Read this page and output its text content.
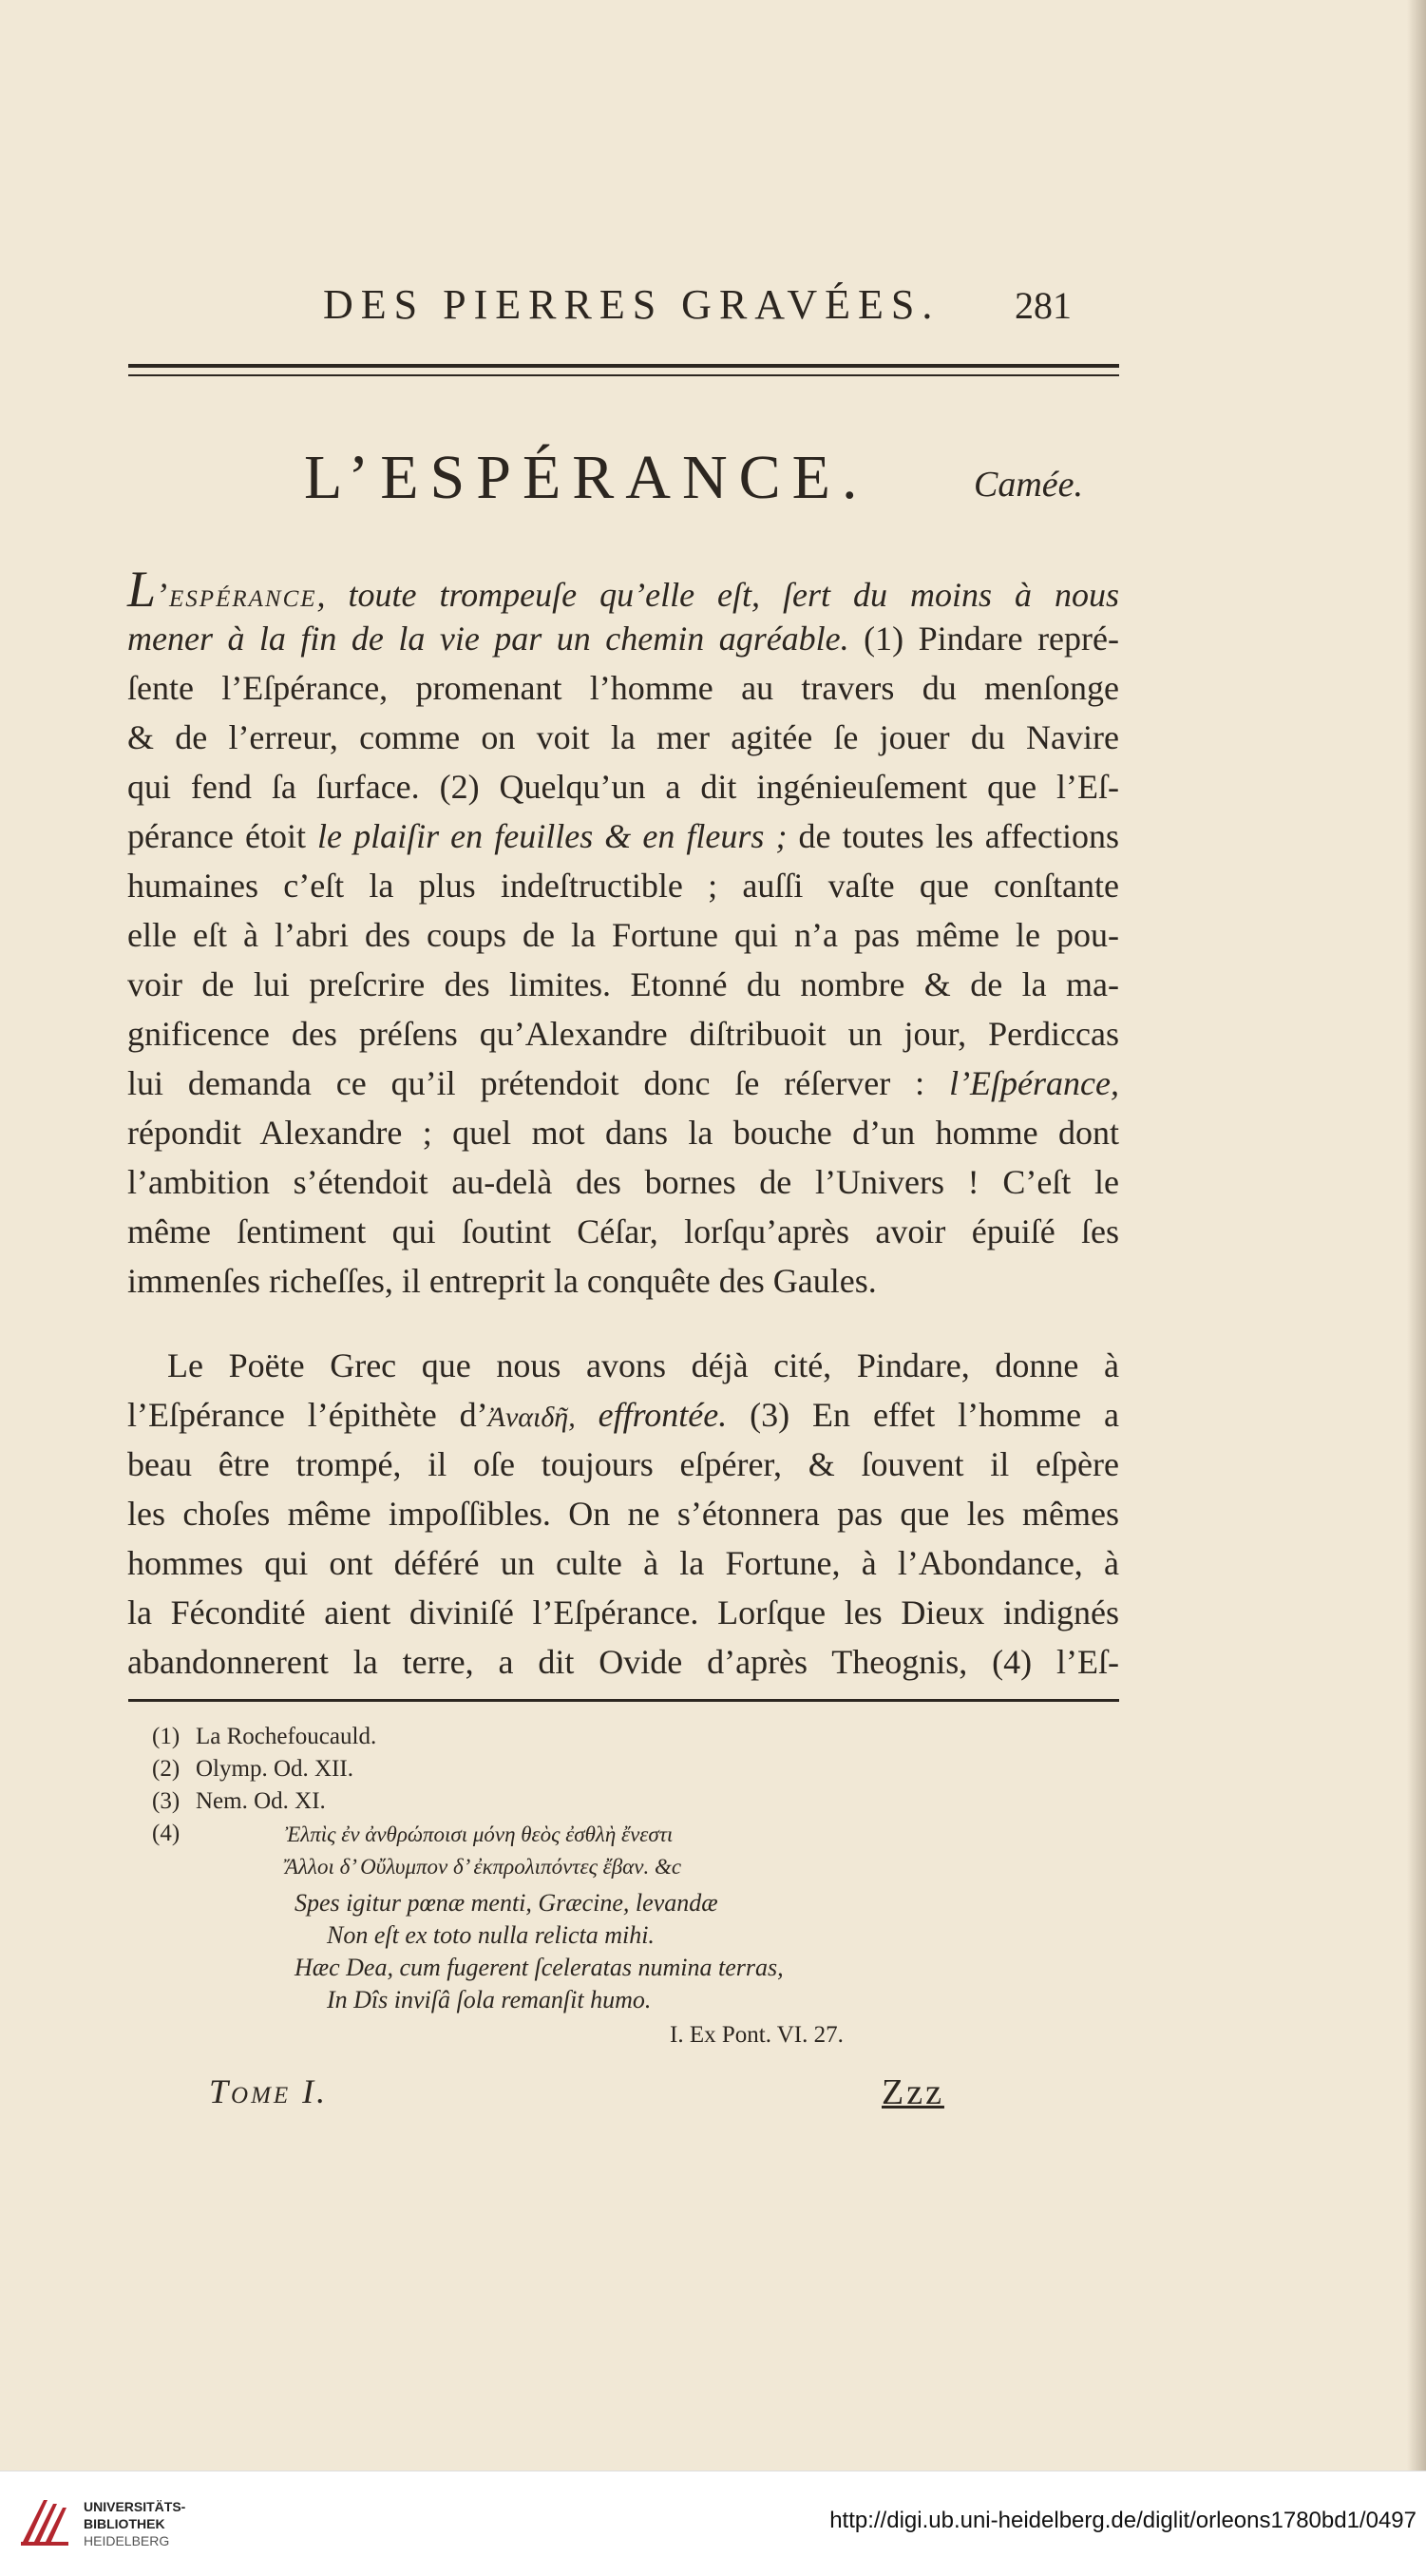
DES PIERRES GRAVÉES. 281
L’ESPÉRANCE.	Camée.
L’espérance, toute trompeuſe qu’elle eſt, ſert du moins à nous
mener à la fin de la vie par un chemin agréable. (1) Pindare repré-
ſente l’Eſpérance, promenant l’homme au travers du menſonge
& de l’erreur, comme on voit la mer agitée ſe jouer du Navire
qui fend ſa ſurface. (2) Quelqu’un a dit ingénieuſement que l’Eſ-
pérance étoit le plaiſir en feuilles & en fleurs ; de toutes les affections
humaines c’eſt la plus indeſtructible ; auſſi vaſte que conſtante
elle eſt à l’abri des coups de la Fortune qui n’a pas même le pou-
voir de lui preſcrire des limites. Etonné du nombre & de la ma-
gnificence des préſens qu’Alexandre diſtribuoit un jour, Perdiccas
lui demanda ce qu’il prétendoit donc ſe réſerver : l’Eſpérance,
répondit Alexandre ; quel mot dans la bouche d’un homme dont
l’ambition s’étendoit au-delà des bornes de l’Univers ! C’eſt le
même ſentiment qui ſoutint Céſar, lorſqu’après avoir épuiſé ſes
immenſes richeſſes, il entreprit la conquête des Gaules.
Le Poëte Grec que nous avons déjà cité, Pindare, donne à
l’Eſpérance l’épithète d’Ἀναιδῆ, effrontée. (3) En effet l’homme a
beau être trompé, il oſe toujours eſpérer, & ſouvent il eſpère
les choſes même impoſſibles. On ne s’étonnera pas que les mêmes
hommes qui ont déféré un culte à la Fortune, à l’Abondance, à
la Fécondité aient diviniſé l’Eſpérance. Lorſque les Dieux indignés
abandonnerent la terre, a dit Ovide d’après Theognis, (4) l’Eſ-
(1) La Rochefoucauld.
(2) Olymp. Od. XII.
(3) Nem. Od. XI.
(4)	Ἐλπὶς ἐν ἀνθρώποισι μόνη θεὸς ἐσθλὴ ἔνεστι
Ἄλλοι δ’ Οὔλυμπον δ’ ἐκπρολιπόντες ἔβαν. &c
Spes igitur pœnæ menti, Græcine, levandæ
Non eſt ex toto nulla relicta mihi.
Hæc Dea, cum fugerent ſceleratas numina terras,
In Dîs inviſâ ſola remanſit humo.
I. Ex Pont. VI. 27.
Tome I.	Zzz
UNIVERSITÄTS-
BIBLIOTHEK
HEIDELBERG
http://digi.ub.uni-heidelberg.de/diglit/orleons1780bd1/0497
